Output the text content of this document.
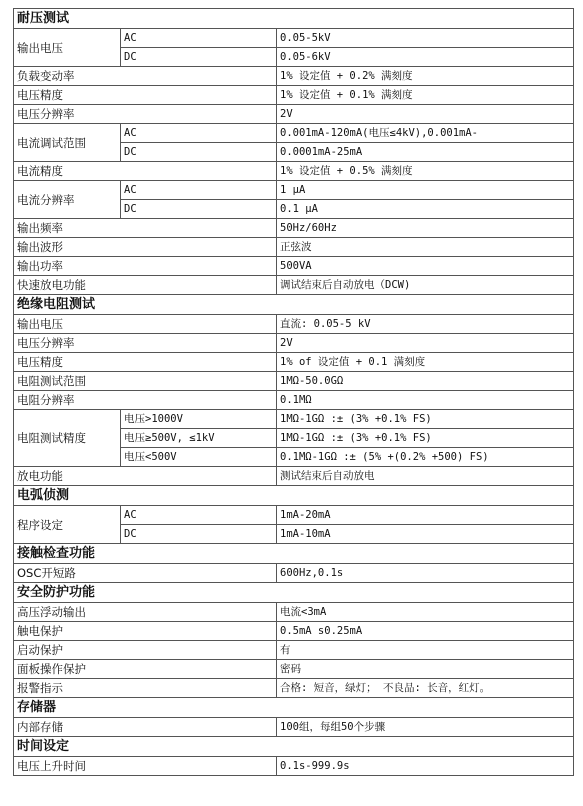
耐压测试		
输出电压	AC	0.05-5kV
	DC	0.05-6kV
负载变动率		1% 设定值 + 0.2% 满刻度
电压精度		1% 设定值 + 0.1% 满刻度
电压分辨率		2V
电流调试范围	AC	0.001mA-120mA(电压≤4kV),0.001mA-
	DC	0.0001mA-25mA
电流精度		1% 设定值 + 0.5% 满刻度
电流分辨率	AC	1 μA
	DC	0.1 μA
输出频率		50Hz/60Hz
输出波形		正弦波
输出功率		500VA
快速放电功能		调试结束后自动放电（DCW)
绝缘电阻测试		
输出电压		直流: 0.05-5 kV
电压分辨率		2V
电压精度		1% of 设定值 + 0.1 满刻度
电阻测试范围		1MΩ-50.0GΩ
电阻分辨率		0.1MΩ
电阻测试精度	电压>1000V	1MΩ-1GΩ :± (3% +0.1% FS)
	电压≥500V, ≤1kV	1MΩ-1GΩ :± (3% +0.1% FS)
	电压<500V	0.1MΩ-1GΩ :± (5% +(0.2% +500) FS)
放电功能		测试结束后自动放电
电弧侦测		
程序设定	AC	1mA-20mA
	DC	1mA-10mA
接触检查功能		
OSC开短路		600Hz,0.1s
安全防护功能		
高压浮动输出		电流<3mA
触电保护		0.5mA s0.25mA
启动保护		有
面板操作保护		密码
报警指示		合格: 短音，绿灯； 不良品: 长音，红灯。
存储器		
内部存储		100组，每组50个步骤
时间设定		
电压上升时间		0.1s-999.9s
